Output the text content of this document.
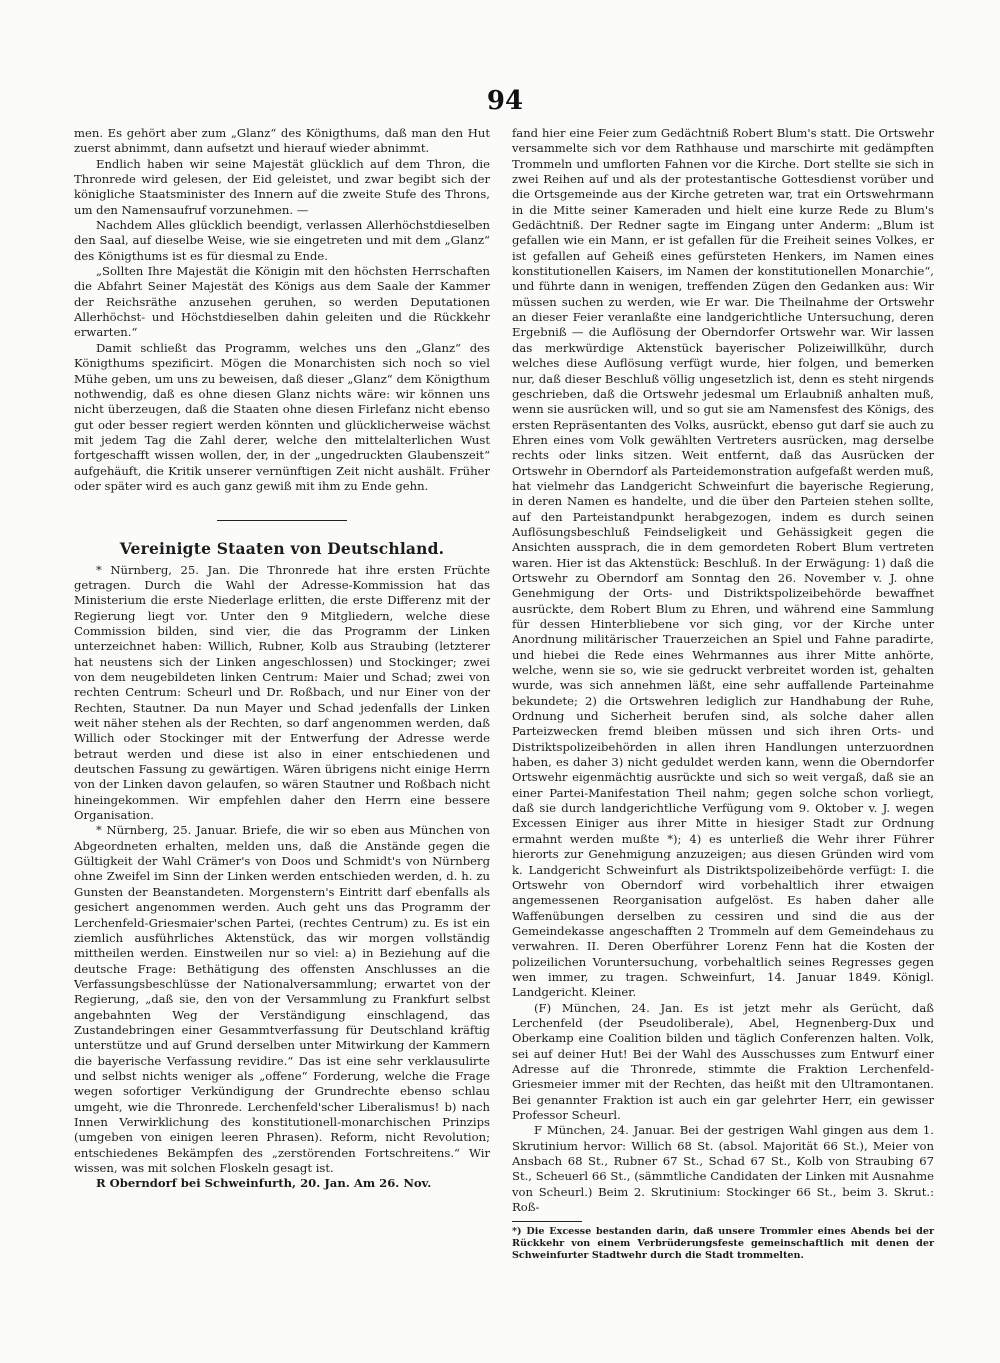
94

men. Es gehört aber zum „Glanz“ des Königthums, daß man den Hut zuerst abnimmt, dann aufsetzt und hierauf wieder abnimmt.

Endlich haben wir seine Majestät glücklich auf dem Thron, die Thronrede wird gelesen, der Eid geleistet, und zwar begibt sich der königliche Staatsminister des Innern auf die zweite Stufe des Throns, um den Namensaufruf vorzunehmen. —

Nachdem Alles glücklich beendigt, verlassen Allerhöchstdieselben den Saal, auf dieselbe Weise, wie sie eingetreten und mit dem „Glanz“ des Königthums ist es für diesmal zu Ende.

„Sollten Ihre Majestät die Königin mit den höchsten Herrschaften die Abfahrt Seiner Majestät des Königs aus dem Saale der Kammer der Reichsräthe anzusehen geruhen, so werden Deputationen Allerhöchst- und Höchstdieselben dahin geleiten und die Rückkehr erwarten.“

Damit schließt das Programm, welches uns den „Glanz“ des Königthums spezificirt. Mögen die Monarchisten sich noch so viel Mühe geben, um uns zu beweisen, daß dieser „Glanz“ dem Königthum nothwendig, daß es ohne diesen Glanz nichts wäre: wir können uns nicht überzeugen, daß die Staaten ohne diesen Firlefanz nicht ebenso gut oder besser regiert werden könnten und glücklicherweise wächst mit jedem Tag die Zahl derer, welche den mittelalterlichen Wust fortgeschafft wissen wollen, der, in der „ungedruckten Glaubenszeit“ aufgehäuft, die Kritik unserer vernünftigen Zeit nicht aushält. Früher oder später wird es auch ganz gewiß mit ihm zu Ende gehn.

Vereinigte Staaten von Deutschland.

* Nürnberg, 25. Jan. Die Thronrede hat ihre ersten Früchte getragen. Durch die Wahl der Adresse-Kommission hat das Ministerium die erste Niederlage erlitten, die erste Differenz mit der Regierung liegt vor. Unter den 9 Mitgliedern, welche diese Commission bilden, sind vier, die das Programm der Linken unterzeichnet haben: Willich, Rubner, Kolb aus Straubing (letzterer hat neustens sich der Linken angeschlossen) und Stockinger; zwei von dem neugebildeten linken Centrum: Maier und Schad; zwei von rechten Centrum: Scheurl und Dr. Roßbach, und nur Einer von der Rechten, Stautner. Da nun Mayer und Schad jedenfalls der Linken weit näher stehen als der Rechten, so darf angenommen werden, daß Willich oder Stockinger mit der Entwerfung der Adresse werde betraut werden und diese ist also in einer entschiedenen und deutschen Fassung zu gewärtigen. Wären übrigens nicht einige Herrn von der Linken davon gelaufen, so wären Stautner und Roßbach nicht hineingekommen. Wir empfehlen daher den Herrn eine bessere Organisation.

* Nürnberg, 25. Januar. Briefe, die wir so eben aus München von Abgeordneten erhalten, melden uns, daß die Anstände gegen die Gültigkeit der Wahl Crämer's von Doos und Schmidt's von Nürnberg ohne Zweifel im Sinn der Linken werden entschieden werden, d. h. zu Gunsten der Beanstandeten. Morgenstern's Eintritt darf ebenfalls als gesichert angenommen werden. Auch geht uns das Programm der Lerchenfeld-Griesmaier'schen Partei, (rechtes Centrum) zu. Es ist ein ziemlich ausführliches Aktenstück, das wir morgen vollständig mittheilen werden. Einstweilen nur so viel: a) in Beziehung auf die deutsche Frage: Bethätigung des offensten Anschlusses an die Verfassungsbeschlüsse der Nationalversammlung; erwartet von der Regierung, „daß sie, den von der Versammlung zu Frankfurt selbst angebahnten Weg der Verständigung einschlagend, das Zustandebringen einer Gesammtverfassung für Deutschland kräftig unterstütze und auf Grund derselben unter Mitwirkung der Kammern die bayerische Verfassung revidire.“ Das ist eine sehr verklausulirte und selbst nichts weniger als „offene“ Forderung, welche die Frage wegen sofortiger Verkündigung der Grundrechte ebenso schlau umgeht, wie die Thronrede. Lerchenfeld'scher Liberalismus! b) nach Innen Verwirklichung des konstitutionell-monarchischen Prinzips (umgeben von einigen leeren Phrasen). Reform, nicht Revolution; entschiedenes Bekämpfen des „zerstörenden Fortschreitens.“ Wir wissen, was mit solchen Floskeln gesagt ist.

R Oberndorf bei Schweinfurth, 20. Jan. Am 26. Nov.

fand hier eine Feier zum Gedächtniß Robert Blum's statt. Die Ortswehr versammelte sich vor dem Rathhause und marschirte mit gedämpften Trommeln und umflorten Fahnen vor die Kirche. Dort stellte sie sich in zwei Reihen auf und als der protestantische Gottesdienst vorüber und die Ortsgemeinde aus der Kirche getreten war, trat ein Ortswehrmann in die Mitte seiner Kameraden und hielt eine kurze Rede zu Blum's Gedächtniß. Der Redner sagte im Eingang unter Anderm: „Blum ist gefallen wie ein Mann, er ist gefallen für die Freiheit seines Volkes, er ist gefallen auf Geheiß eines gefürsteten Henkers, im Namen eines konstitutionellen Kaisers, im Namen der konstitutionellen Monarchie“, und führte dann in wenigen, treffenden Zügen den Gedanken aus: Wir müssen suchen zu werden, wie Er war. Die Theilnahme der Ortswehr an dieser Feier veranlaßte eine landgerichtliche Untersuchung, deren Ergebniß — die Auflösung der Oberndorfer Ortswehr war. Wir lassen das merkwürdige Aktenstück bayerischer Polizeiwillkühr, durch welches diese Auflösung verfügt wurde, hier folgen, und bemerken nur, daß dieser Beschluß völlig ungesetzlich ist, denn es steht nirgends geschrieben, daß die Ortswehr jedesmal um Erlaubniß anhalten muß, wenn sie ausrücken will, und so gut sie am Namensfest des Königs, des ersten Repräsentanten des Volks, ausrückt, ebenso gut darf sie auch zu Ehren eines vom Volk gewählten Vertreters ausrücken, mag derselbe rechts oder links sitzen. Weit entfernt, daß das Ausrücken der Ortswehr in Oberndorf als Parteidemonstration aufgefaßt werden muß, hat vielmehr das Landgericht Schweinfurt die bayerische Regierung, in deren Namen es handelte, und die über den Parteien stehen sollte, auf den Parteistandpunkt herabgezogen, indem es durch seinen Auflösungsbeschluß Feindseligkeit und Gehässigkeit gegen die Ansichten aussprach, die in dem gemordeten Robert Blum vertreten waren. Hier ist das Aktenstück: Beschluß. In der Erwägung: 1) daß die Ortswehr zu Oberndorf am Sonntag den 26. November v. J. ohne Genehmigung der Orts- und Distriktspolizeibehörde bewaffnet ausrückte, dem Robert Blum zu Ehren, und während eine Sammlung für dessen Hinterbliebene vor sich ging, vor der Kirche unter Anordnung militärischer Trauerzeichen an Spiel und Fahne paradirte, und hiebei die Rede eines Wehrmannes aus ihrer Mitte anhörte, welche, wenn sie so, wie sie gedruckt verbreitet worden ist, gehalten wurde, was sich annehmen läßt, eine sehr auffallende Parteinahme bekundete; 2) die Ortswehren lediglich zur Handhabung der Ruhe, Ordnung und Sicherheit berufen sind, als solche daher allen Parteizwecken fremd bleiben müssen und sich ihren Orts- und Distriktspolizeibehörden in allen ihren Handlungen unterzuordnen haben, es daher 3) nicht geduldet werden kann, wenn die Oberndorfer Ortswehr eigenmächtig ausrückte und sich so weit vergaß, daß sie an einer Partei-Manifestation Theil nahm; gegen solche schon vorliegt, daß sie durch landgerichtliche Verfügung vom 9. Oktober v. J. wegen Excessen Einiger aus ihrer Mitte in hiesiger Stadt zur Ordnung ermahnt werden mußte *); 4) es unterließ die Wehr ihrer Führer hierorts zur Genehmigung anzuzeigen; aus diesen Gründen wird vom k. Landgericht Schweinfurt als Distriktspolizeibehörde verfügt: I. die Ortswehr von Oberndorf wird vorbehaltlich ihrer etwaigen angemessenen Reorganisation aufgelöst. Es haben daher alle Waffenübungen derselben zu cessiren und sind die aus der Gemeindekasse angeschafften 2 Trommeln auf dem Gemeindehaus zu verwahren. II. Deren Oberführer Lorenz Fenn hat die Kosten der polizeilichen Voruntersuchung, vorbehaltlich seines Regresses gegen wen immer, zu tragen. Schweinfurt, 14. Januar 1849. Königl. Landgericht. Kleiner.

(F) München, 24. Jan. Es ist jetzt mehr als Gerücht, daß Lerchenfeld (der Pseudoliberale), Abel, Hegnenberg-Dux und Oberkamp eine Coalition bilden und täglich Conferenzen halten. Volk, sei auf deiner Hut! Bei der Wahl des Ausschusses zum Entwurf einer Adresse auf die Thronrede, stimmte die Fraktion Lerchenfeld-Griesmeier immer mit der Rechten, das heißt mit den Ultramontanen. Bei genannter Fraktion ist auch ein gar gelehrter Herr, ein gewisser Professor Scheurl.

F München, 24. Januar. Bei der gestrigen Wahl gingen aus dem 1. Skrutinium hervor: Willich 68 St. (absol. Majorität 66 St.), Meier von Ansbach 68 St., Rubner 67 St., Schad 67 St., Kolb von Straubing 67 St., Scheuerl 66 St., (sämmtliche Candidaten der Linken mit Ausnahme von Scheurl.) Beim 2. Skrutinium: Stockinger 66 St., beim 3. Skrut.: Roß-

*) Die Excesse bestanden darin, daß unsere Trommler eines Abends bei der Rückkehr von einem Verbrüderungsfeste gemeinschaftlich mit denen der Schweinfurter Stadtwehr durch die Stadt trommelten.
